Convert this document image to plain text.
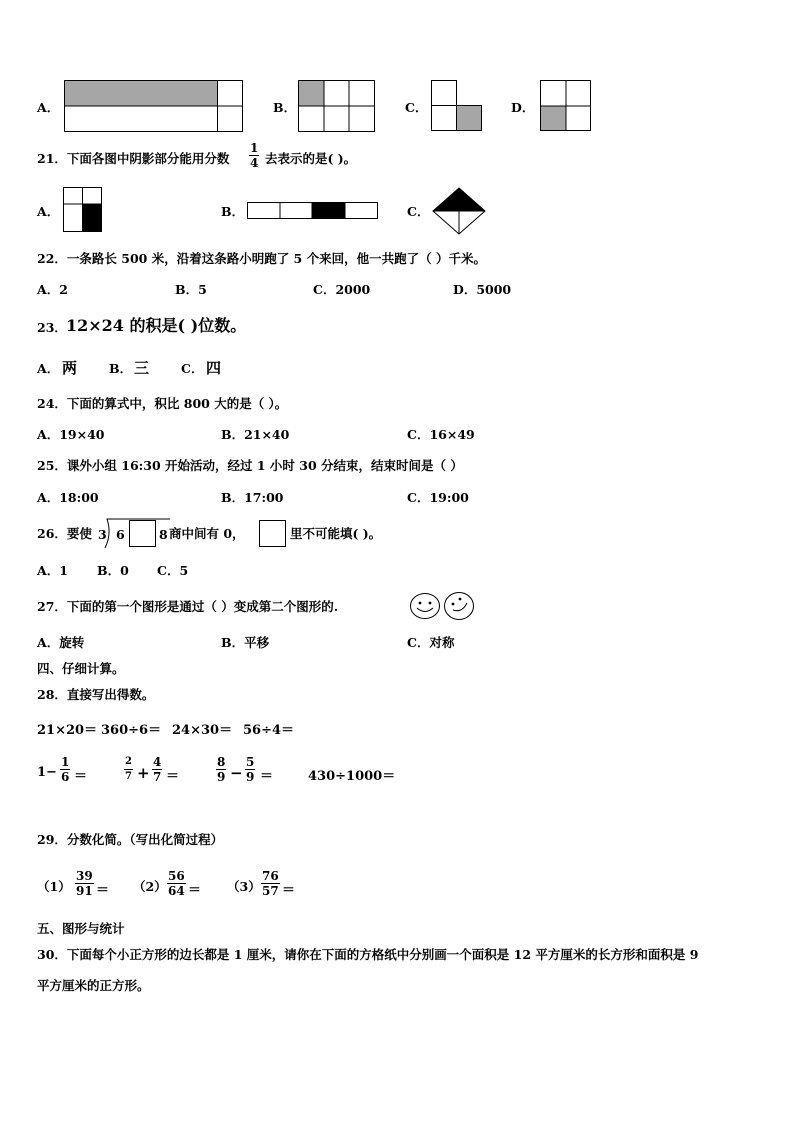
A．	B．	C．	D．
21．下面各图中阴影部分能用分数 $\frac{1}{4}$ 去表示的是( )。
A．	B．	C．
22．一条路长 500 米，沿着这条路小明跑了 5 个来回，他一共跑了（ ）千米。
A．2	B．5	C．2000	D．5000
23． 12×24 的积是( )位数。
A． 两	B． 三	C． 四
24．下面的算式中，积比 800 大的是（ ）。
A．19×40	B．21×40	C．16×49
25．课外小组 16:30 开始活动，经过 1 小时 30 分结束，结束时间是（ ）
A．18:00	B．17:00	C．19:00
26．要使 3 6	8 商中间有 0，	里不可能填( )。
A．1 B．0 C．5
27．下面的第一个图形是通过（ ）变成第二个图形的.
A．旋转	B．平移	C．对称
四、仔细计算。
28．直接写出得数。
21×20＝ 360÷6＝ 24×30＝ 56÷4＝
$1- \frac{1}{6}$ ＝	$\frac{2}{7} + \frac{4}{7}$ ＝	$\frac{8}{9} - \frac{5}{9}$ ＝	430÷1000＝
29．分数化简。（写出化简过程）
$(1) \frac{39}{91} = (2) \frac{56}{64} = (3) \frac{76}{57}$ ＝
五、图形与统计
30．下面每个小正方形的边长都是 1 厘米，请你在下面的方格纸中分别画一个面积是 12 平方厘米的长方形和面积是 9
平方厘米的正方形。
